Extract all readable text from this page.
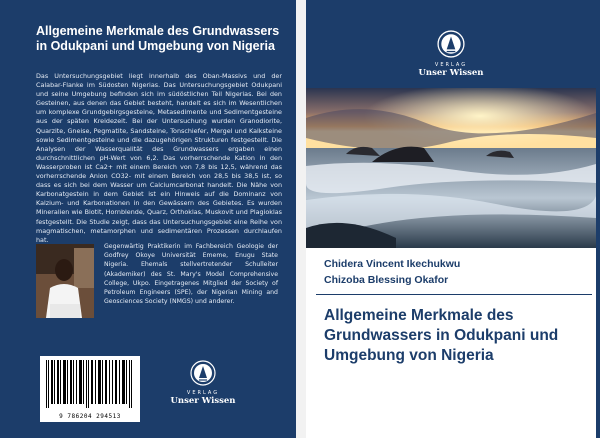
Allgemeine Merkmale des Grundwassers in Odukpani und Umgebung von Nigeria
Das Untersuchungsgebiet liegt innerhalb des Oban-Massivs und der Calabar-Flanke im Südosten Nigerias. Das Untersuchungsgebiet Odukpani und seine Umgebung befinden sich im südöstlichen Teil Nigerias. Bei den Gesteinen, aus denen das Gebiet besteht, handelt es sich im Wesentlichen um komplexe Grundgebirgsgesteine, Metasedimente und Sedimentgesteine aus der späten Kreidezeit. Bei der Untersuchung wurden Granodiorite, Quarzite, Gneise, Pegmatite, Sandsteine, Tonschiefer, Mergel und Kalksteine sowie Sedimentgesteine und die dazugehörigen Strukturen festgestellt. Die Analysen der Wasserqualität des Grundwassers ergaben einen durchschnittlichen pH-Wert von 6,2. Das vorherrschende Kation in den Wasserproben ist Ca2+ mit einem Bereich von 7,8 bis 12,5, während das vorherrschende Anion CO32- mit einem Bereich von 28,5 bis 38,5 ist, so dass es sich bei dem Wasser um Calciumcarbonat handelt. Die Nähe von Karbonatgestein in dem Gebiet ist ein Hinweis auf die Dominanz von Kalzium- und Karbonationen in den Gewässern des Gebietes. Es wurden Mineralien wie Biotit, Hornblende, Quarz, Orthoklas, Muskovit und Plagioklas festgestellt. Die Studie zeigt, dass das Untersuchungsgebiet eine Reihe von magmatischen, metamorphen und sedimentären Prozessen durchlaufen hat.
Gegenwärtig Praktikerin im Fachbereich Geologie der Godfrey Okoye Universität Ememe, Enugu State Nigeria. Ehemals stellvertretender Schulleiter (Akademiker) des St. Mary's Model Comprehensive College, Ukpo. Eingetragenes Mitglied der Society of Petroleum Engineers (SPE), der Nigerian Mining and Geosciences Society (NMGS) und anderer.
9 786204 294513
VERLAG
Unser Wissen
VERLAG
Unser Wissen
Chidera Vincent Ikechukwu
Chizoba Blessing Okafor
Allgemeine Merkmale des Grundwassers in Odukpani und Umgebung von Nigeria
